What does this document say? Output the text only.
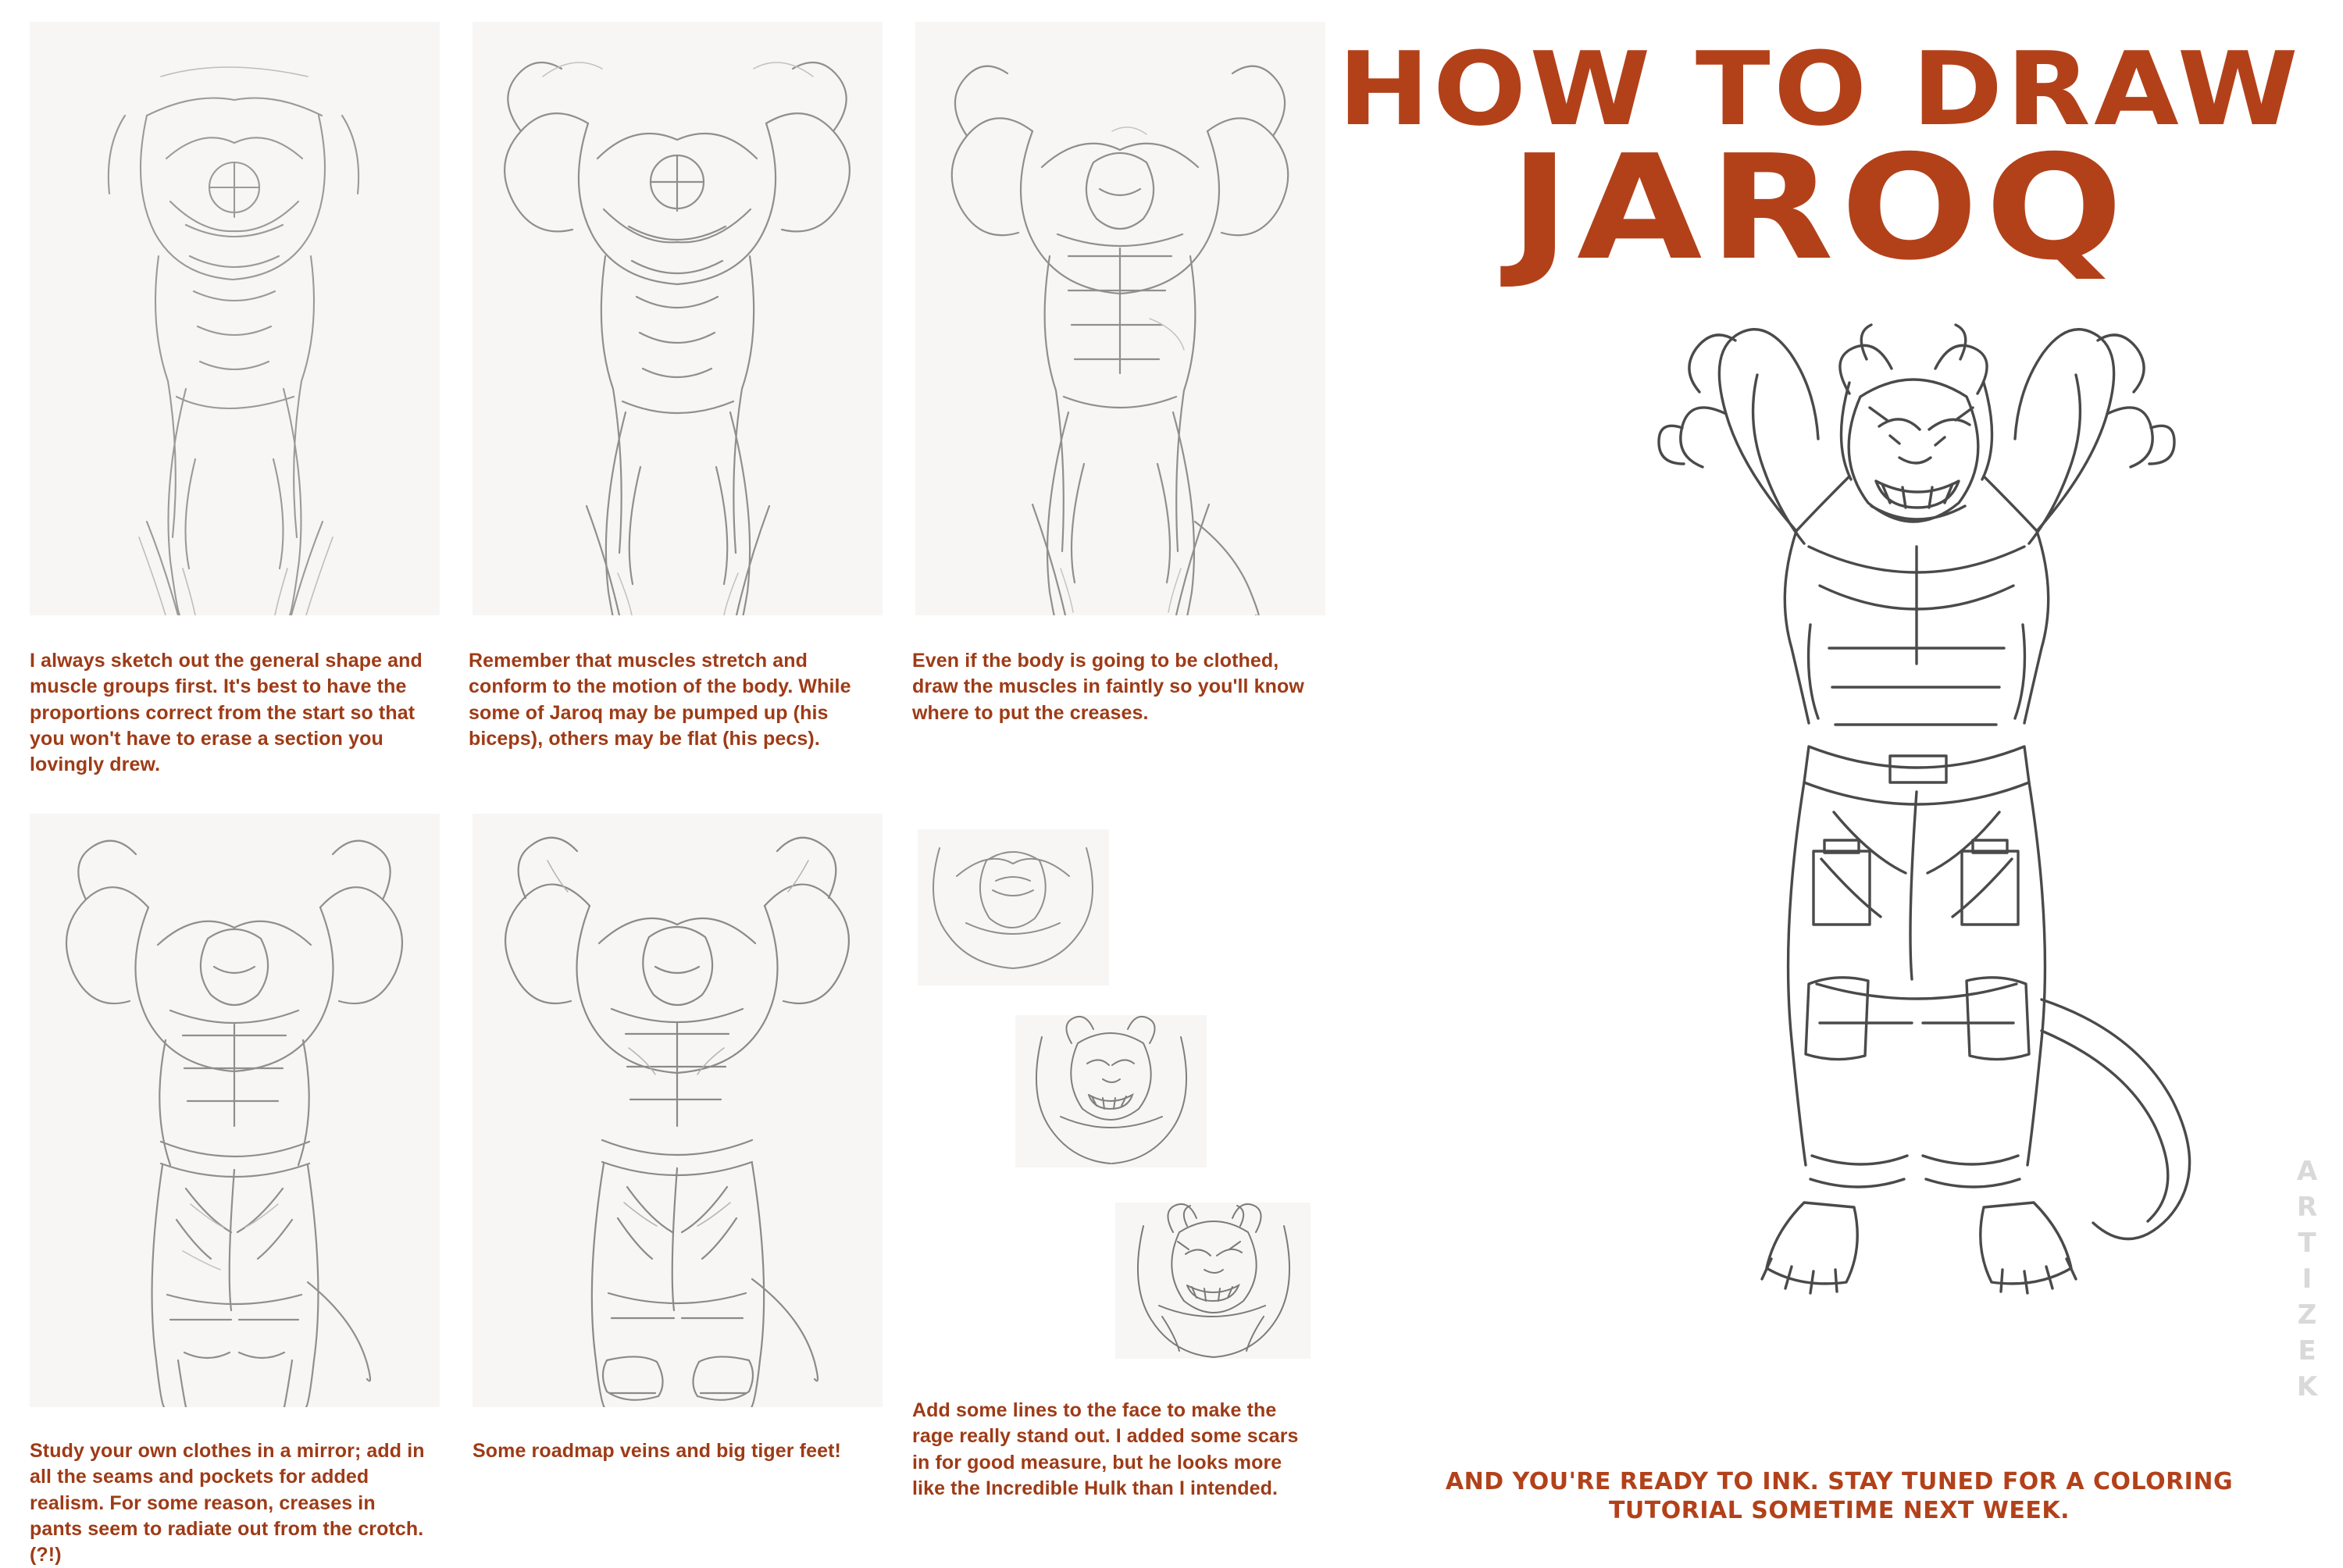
I always sketch out the general shape and muscle groups first. It's best to have the proportions correct from the start so that you won't have to erase a section you lovingly drew.
Remember that muscles stretch and conform to the motion of the body. While some of Jaroq may be pumped up (his biceps), others may be flat (his pecs).
Even if the body is going to be clothed, draw the muscles in faintly so you'll know where to put the creases.
Study your own clothes in a mirror; add in all the seams and pockets for added realism. For some reason, creases in pants seem to radiate out from the crotch. (?!)
Some roadmap veins and big tiger feet!
Add some lines to the face to make the rage really stand out. I added some scars in for good measure, but he looks more like the Incredible Hulk than I intended.
HOW TO DRAW
JAROQ
AND YOU'RE READY TO INK. STAY TUNED FOR A COLORING TUTORIAL SOMETIME NEXT WEEK.
ARTIZEK
